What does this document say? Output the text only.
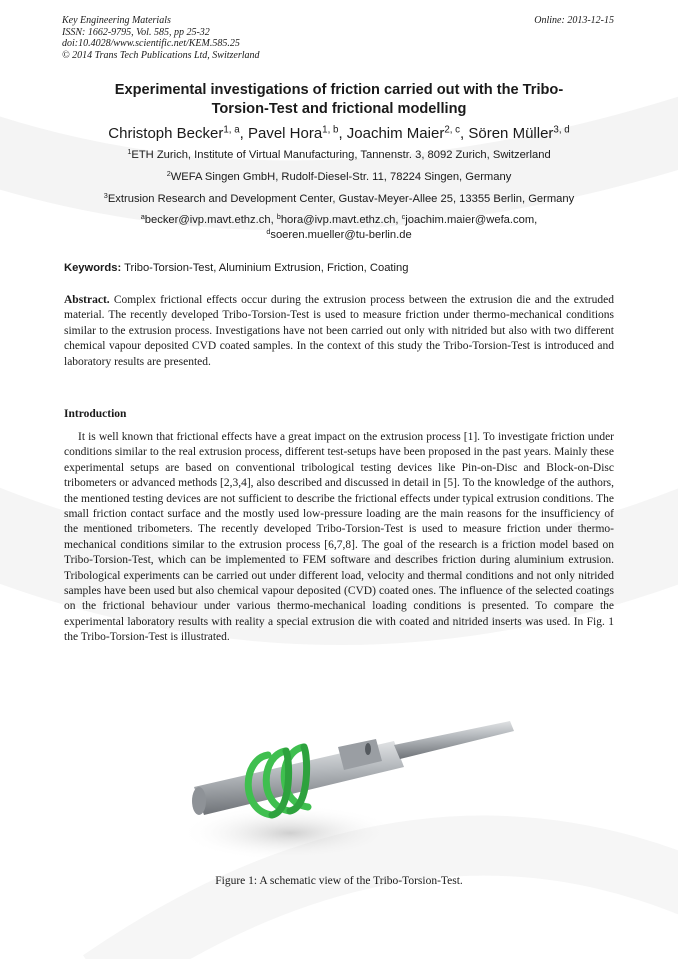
Key Engineering Materials
ISSN: 1662-9795, Vol. 585, pp 25-32
doi:10.4028/www.scientific.net/KEM.585.25
© 2014 Trans Tech Publications Ltd, Switzerland
Online: 2013-12-15
Experimental investigations of friction carried out with the Tribo-
Torsion-Test and frictional modelling
Christoph Becker$^{1, a}$, Pavel Hora$^{1, b}$, Joachim Maier$^{2, c}$, Sören Müller$^{3, d}$
$^1$ETH Zurich, Institute of Virtual Manufacturing, Tannenstr. 3, 8092 Zurich, Switzerland
$^2$WEFA Singen GmbH, Rudolf-Diesel-Str. 11, 78224 Singen, Germany
$^3$Extrusion Research and Development Center, Gustav-Meyer-Allee 25, 13355 Berlin, Germany
$^a$becker@ivp.mavt.ethz.ch, $^b$hora@ivp.mavt.ethz.ch, $^c$joachim.maier@wefa.com,
$^d$soeren.mueller@tu-berlin.de
Keywords: Tribo-Torsion-Test, Aluminium Extrusion, Friction, Coating

Abstract. Complex frictional effects occur during the extrusion process between the extrusion die and the extruded material. The recently developed Tribo-Torsion-Test is used to measure friction under thermo-mechanical conditions similar to the extrusion process. Investigations have not been carried out only with nitrided but also with two different chemical vapour deposited CVD coated samples. In the context of this study the Tribo-Torsion-Test is introduced and laboratory results are presented.

Introduction

It is well known that frictional effects have a great impact on the extrusion process [1]. To investigate friction under conditions similar to the real extrusion process, different test-setups have been proposed in the past years. Mainly these experimental setups are based on conventional tribological testing devices like Pin-on-Disc and Block-on-Disc tribometers or advanced methods [2,3,4], also described and discussed in detail in [5]. To the knowledge of the authors, the mentioned testing devices are not sufficient to describe the frictional effects under typical extrusion conditions. The small friction contact surface and the mostly used low-pressure loading are the main reasons for the insufficiency of the mentioned tribometers. The recently developed Tribo-Torsion-Test is used to measure friction under thermo-mechanical conditions similar to the extrusion process [6,7,8]. The goal of the research is a friction model based on Tribo-Torsion-Test, which can be implemented to FEM software and describes friction during aluminium extrusion. Tribological experiments can be carried out under different load, velocity and thermal conditions and not only nitrided samples have been used but also chemical vapour deposited (CVD) coated ones. The influence of the selected coatings on the frictional behaviour under various thermo-mechanical loading conditions is presented. To compare the experimental laboratory results with reality a special extrusion die with coated and nitrided inserts was used. In Fig. 1 the Tribo-Torsion-Test is illustrated.

Figure 1: A schematic view of the Tribo-Torsion-Test.
